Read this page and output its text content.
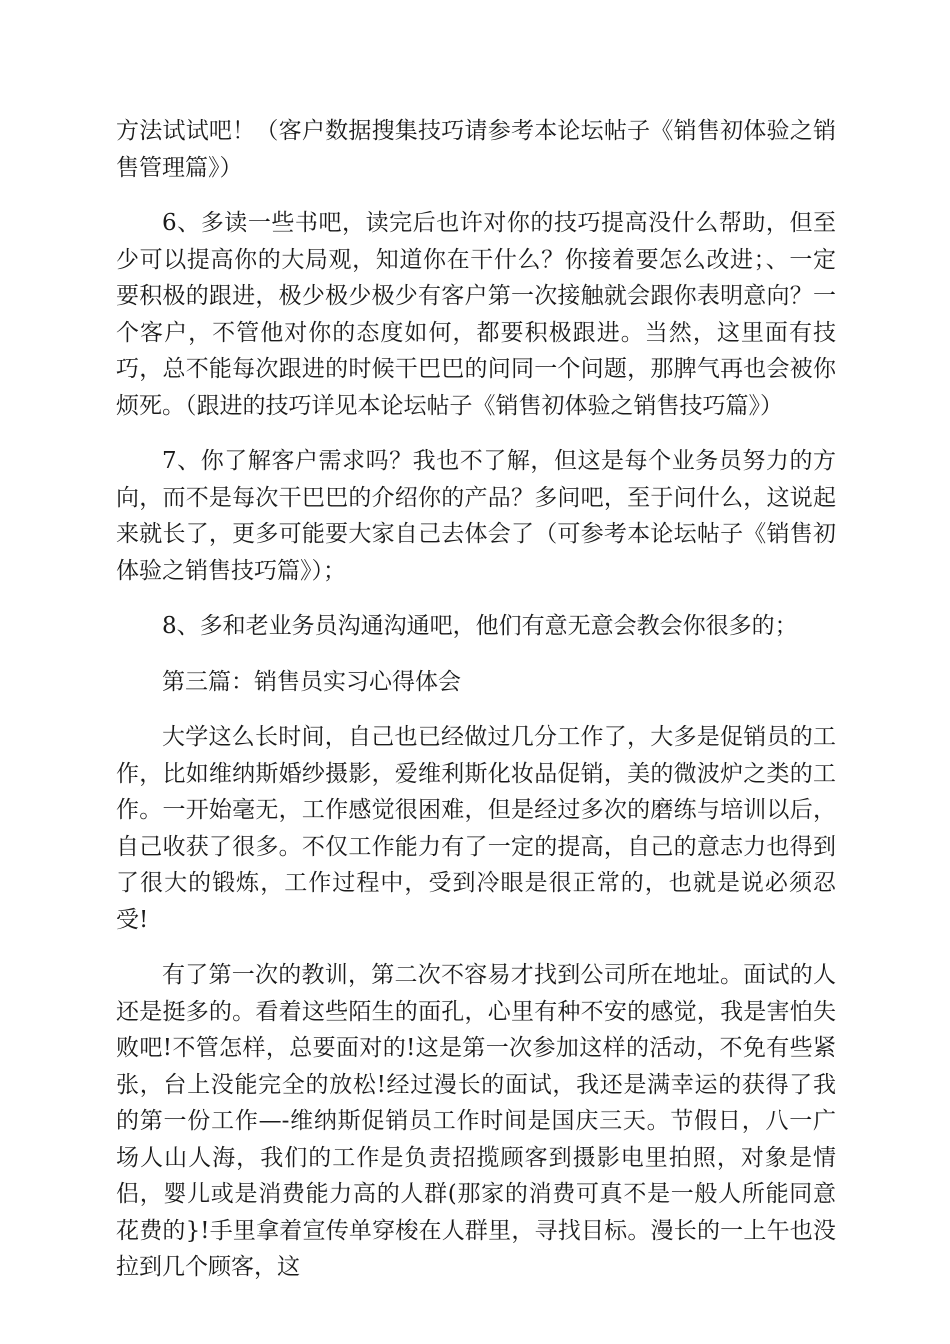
方法试试吧！（客户数据搜集技巧请参考本论坛帖子《销售初体验之销售管理篇》）

6、多读一些书吧，读完后也许对你的技巧提高没什么帮助，但至少可以提高你的大局观，知道你在干什么？你接着要怎么改进；、一定要积极的跟进，极少极少极少有客户第一次接触就会跟你表明意向？一个客户，不管他对你的态度如何，都要积极跟进。当然，这里面有技巧，总不能每次跟进的时候干巴巴的问同一个问题，那脾气再也会被你烦死。（跟进的技巧详见本论坛帖子《销售初体验之销售技巧篇》）

7、你了解客户需求吗？我也不了解，但这是每个业务员努力的方向，而不是每次干巴巴的介绍你的产品？多问吧，至于问什么，这说起来就长了，更多可能要大家自己去体会了（可参考本论坛帖子《销售初体验之销售技巧篇》）；

8、多和老业务员沟通沟通吧，他们有意无意会教会你很多的；

第三篇：销售员实习心得体会

大学这么长时间，自己也已经做过几分工作了，大多是促销员的工作，比如维纳斯婚纱摄影，爱维利斯化妆品促销，美的微波炉之类的工作。一开始毫无，工作感觉很困难，但是经过多次的磨练与培训以后，自己收获了很多。不仅工作能力有了一定的提高，自己的意志力也得到了很大的锻炼，工作过程中，受到冷眼是很正常的，也就是说必须忍受!

有了第一次的教训，第二次不容易才找到公司所在地址。面试的人还是挺多的。看着这些陌生的面孔，心里有种不安的感觉，我是害怕失败吧!不管怎样，总要面对的!这是第一次参加这样的活动，不免有些紧张，台上没能完全的放松!经过漫长的面试，我还是满幸运的获得了我的第一份工作—-维纳斯促销员工作时间是国庆三天。节假日，八一广场人山人海，我们的工作是负责招揽顾客到摄影电里拍照，对象是情侣，婴儿或是消费能力高的人群(那家的消费可真不是一般人所能同意花费的}!手里拿着宣传单穿梭在人群里，寻找目标。漫长的一上午也没拉到几个顾客，这
